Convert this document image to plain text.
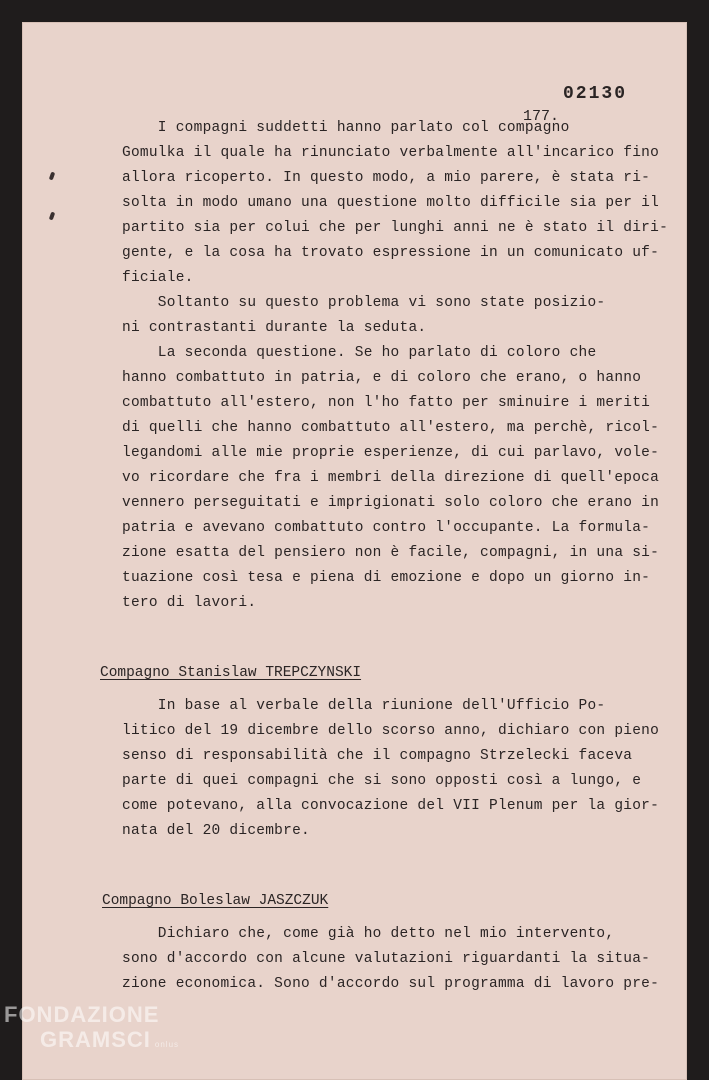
02130
177.
I compagni suddetti hanno parlato col compagno
Gomulka il quale ha rinunciato verbalmente all'incarico fino
allora ricoperto. In questo modo, a mio parere, è stata ri-
solta in modo umano una questione molto difficile sia per il
partito sia per colui che per lunghi anni ne è stato il diri-
gente, e la cosa ha trovato espressione in un comunicato uf-
ficiale.
Soltanto su questo problema vi sono state posizio-
ni contrastanti durante la seduta.
La seconda questione. Se ho parlato di coloro che
hanno combattuto in patria, e di coloro che erano, o hanno
combattuto all'estero, non l'ho fatto per sminuire i meriti
di quelli che hanno combattuto all'estero, ma perchè, ricol-
legandomi alle mie proprie esperienze, di cui parlavo, vole-
vo ricordare che fra i membri della direzione di quell'epoca
vennero perseguitati e imprigionati solo coloro che erano in
patria e avevano combattuto contro l'occupante. La formula-
zione esatta del pensiero non è facile, compagni, in una si-
tuazione così tesa e piena di emozione e dopo un giorno in-
tero di lavori.
Compagno Stanislaw TREPCZYNSKI
In base al verbale della riunione dell'Ufficio Po-
litico del 19 dicembre dello scorso anno, dichiaro con pieno
senso di responsabilità che il compagno Strzelecki faceva
parte di quei compagni che si sono opposti così a lungo, e
come potevano, alla convocazione del VII Plenum per la gior-
nata del 20 dicembre.
Compagno Boleslaw JASZCZUK
Dichiaro che, come già ho detto nel mio intervento,
sono d'accordo con alcune valutazioni riguardanti la situa-
zione economica. Sono d'accordo sul programma di lavoro pre-
FONDAZIONE
GRAMSCI onlus
